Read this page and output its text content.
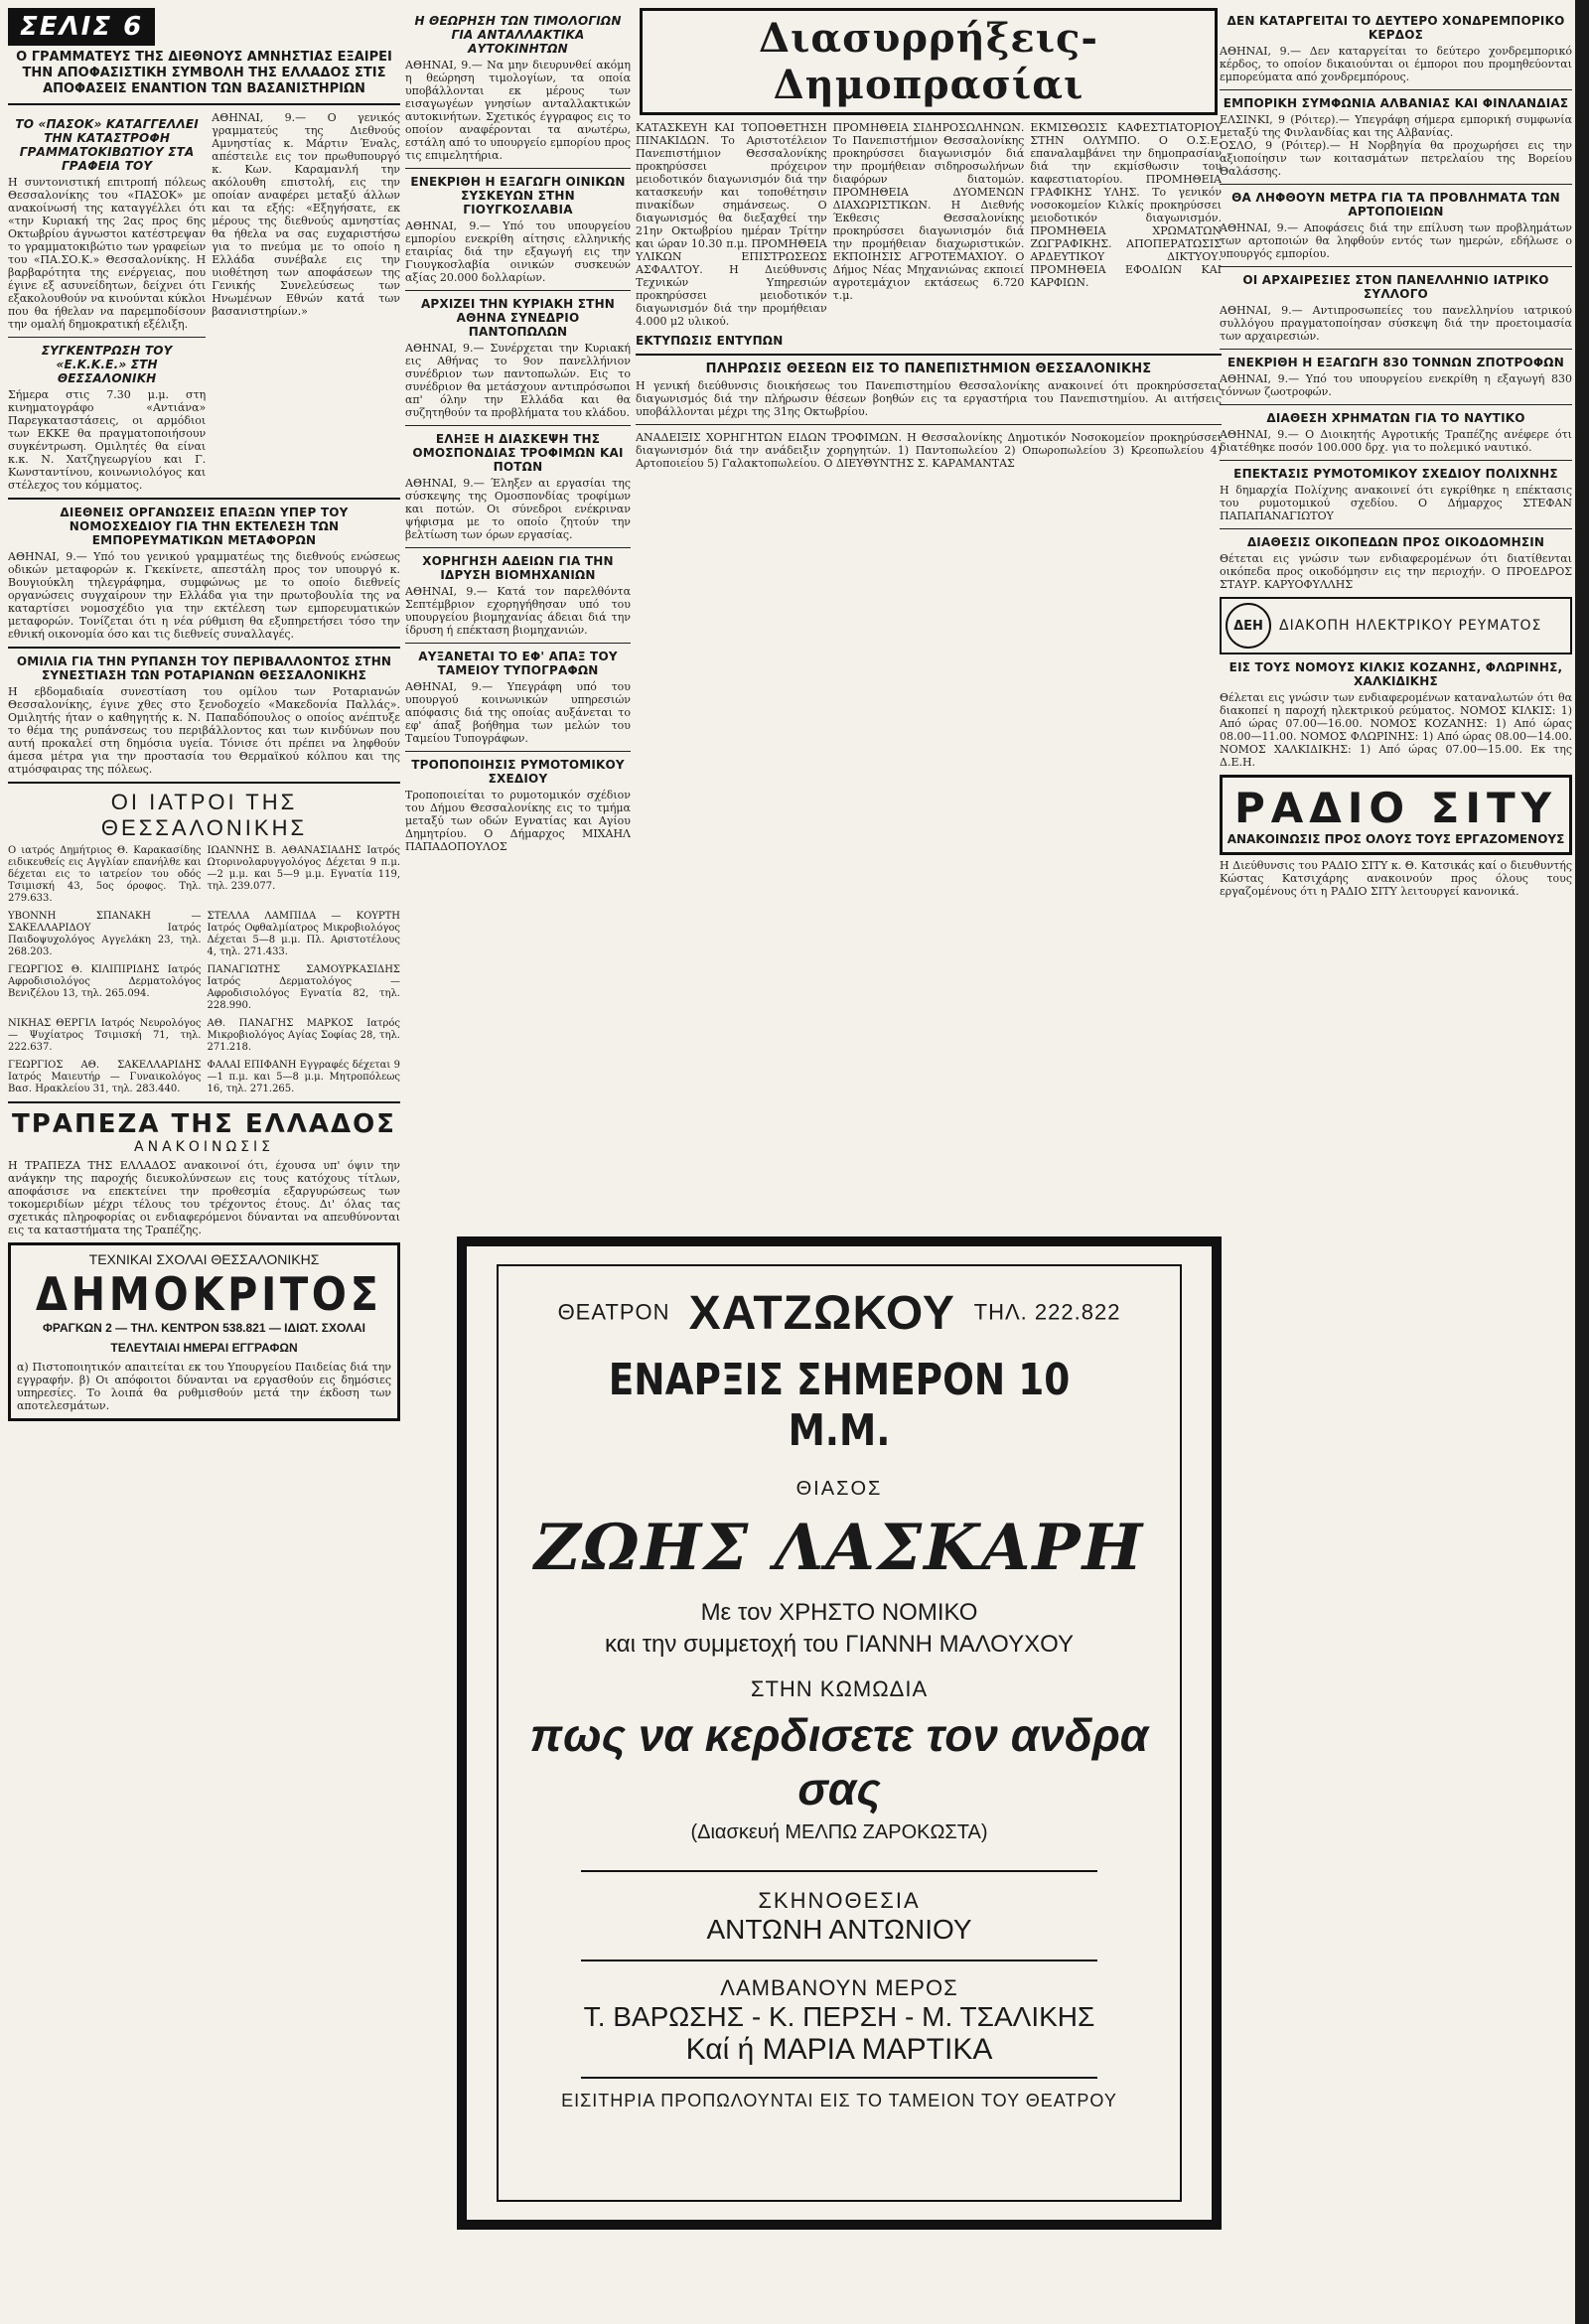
ΣΕΛΙΣ 6
Ο ΓΡΑΜΜΑΤΕΥΣ ΤΗΣ ΔΙΕΘΝΟΥΣ ΑΜΝΗΣΤΙΑΣ ΕΞΑΙΡΕΙ ΤΗΝ ΑΠΟΦΑΣΙΣΤΙΚΗ ΣΥΜΒΟΛΗ ΤΗΣ ΕΛΛΑΔΟΣ ΣΤΙΣ ΑΠΟΦΑΣΕΙΣ ΕΝΑΝΤΙΟΝ ΤΩΝ ΒΑΣΑΝΙΣΤΗΡΙΩΝ
ΤΟ «ΠΑΣΟΚ» ΚΑΤΑΓΓΕΛΛΕΙ ΤΗΝ ΚΑΤΑΣΤΡΟΦΗ ΓΡΑΜΜΑΤΟΚΙΒΩΤΙΟΥ ΣΤΑ ΓΡΑΦΕΙΑ ΤΟΥ
Η συντονιστική επιτροπή πόλεως Θεσσαλονίκης του «ΠΑΣΟΚ» με ανακοίνωσή της καταγγέλλει ότι «την Κυριακή της 2ας προς 6ης Οκτωβρίου άγνωστοι κατέστρεψαν το γραμματοκιβώτιο των γραφείων του «ΠΑ.ΣΟ.Κ.» Θεσσαλονίκης. Η βαρβαρότητα της ενέργειας, που έγινε εξ ασυνείδητων, δείχνει ότι εξακολουθούν να κινούνται κύκλοι που θα ήθελαν να παρεμποδίσουν την ομαλή δημοκρατική εξέλιξη.
ΣΥΓΚΕΝΤΡΩΣΗ ΤΟΥ «Ε.Κ.Κ.Ε.» ΣΤΗ ΘΕΣΣΑΛΟΝΙΚΗ
Σήμερα στις 7.30 μ.μ. στη κινηματογράφο «Αντιάνα» Παρεγκαταστάσεις, οι αρμόδιοι των ΕΚΚΕ θα πραγματοποιήσουν συγκέντρωση. Ομιλητές θα είναι κ.κ. Ν. Χατζηγεωργίου και Γ. Κωνσταντίνου, κοινωνιολόγος και στέλεχος του κόμματος.
ΑΘΗΝΑΙ, 9.— Ο γενικός γραμματεύς της Διεθνούς Αμνηστίας κ. Μάρτιν Έναλς, απέστειλε εις τον πρωθυπουργό κ. Κων. Καραμανλή την ακόλουθη επιστολή, εις την οποίαν αναφέρει μεταξύ άλλων και τα εξής: «Εξηγήσατε, εκ μέρους της διεθνούς αμνηστίας θα ήθελα να σας ευχαριστήσω για το πνεύμα με το οποίο η Ελλάδα συνέβαλε εις την υιοθέτηση των αποφάσεων της Γενικής Συνελεύσεως των Ηνωμένων Εθνών κατά των βασανιστηρίων.»
ΔΙΕΘΝΕΙΣ ΟΡΓΑΝΩΣΕΙΣ ΕΠΑΞΩΝ ΥΠΕΡ ΤΟΥ ΝΟΜΟΣΧΕΔΙΟΥ ΓΙΑ ΤΗΝ ΕΚΤΕΛΕΣΗ ΤΩΝ ΕΜΠΟΡΕΥΜΑΤΙΚΩΝ ΜΕΤΑΦΟΡΩΝ
ΑΘΗΝΑΙ, 9.— Υπό του γενικού γραμματέως της διεθνούς ενώσεως οδικών μεταφορών κ. Γκεκίνετε, απεστάλη προς τον υπουργό κ. Βουγιούκλη τηλεγράφημα, συμφώνως με το οποίο διεθνείς οργανώσεις συγχαίρουν την Ελλάδα για την πρωτοβουλία της να καταρτίσει νομοσχέδιο για την εκτέλεση των εμπορευματικών μεταφορών. Τονίζεται ότι η νέα ρύθμιση θα εξυπηρετήσει τόσο την εθνική οικονομία όσο και τις διεθνείς συναλλαγές.
ΟΜΙΛΙΑ ΓΙΑ ΤΗΝ ΡΥΠΑΝΣΗ ΤΟΥ ΠΕΡΙΒΑΛΛΟΝΤΟΣ ΣΤΗΝ ΣΥΝΕΣΤΙΑΣΗ ΤΩΝ ΡΟΤΑΡΙΑΝΩΝ ΘΕΣΣΑΛΟΝΙΚΗΣ
Η εβδομαδιαία συνεστίαση του ομίλου των Ροταριανών Θεσσαλονίκης, έγινε χθες στο ξενοδοχείο «Μακεδονία Παλλάς». Ομιλητής ήταν ο καθηγητής κ. Ν. Παπαδόπουλος ο οποίος ανέπτυξε το θέμα της ρυπάνσεως του περιβάλλοντος και των κινδύνων που αυτή προκαλεί στη δημόσια υγεία. Τόνισε ότι πρέπει να ληφθούν άμεσα μέτρα για την προστασία του Θερμαϊκού κόλπου και της ατμόσφαιρας της πόλεως.
ΟΙ ΙΑΤΡΟΙ ΤΗΣ ΘΕΣΣΑΛΟΝΙΚΗΣ
Ο ιατρός Δημήτριος Θ. Καρακασίδης ειδικευθείς εις Αγγλίαν επανήλθε και δέχεται εις το ιατρείον του οδός Τσιμισκή 43, 5ος όροφος. Τηλ. 279.633.
ΙΩΑΝΝΗΣ Β. ΑΘΑΝΑΣΙΑΔΗΣ Ιατρός Ωτορινολαρυγγολόγος Δέχεται 9 π.μ.—2 μ.μ. και 5—9 μ.μ. Εγνατία 119, τηλ. 239.077.
ΥΒΟΝΝΗ ΣΠΑΝΑΚΗ — ΣΑΚΕΛΛΑΡΙΔΟΥ Ιατρός Παιδοψυχολόγος Αγγελάκη 23, τηλ. 268.203.
ΣΤΕΛΛΑ ΛΑΜΠΙΔΑ — ΚΟΥΡΤΗ Ιατρός Οφθαλμίατρος Μικροβιολόγος Δέχεται 5—8 μ.μ. Πλ. Αριστοτέλους 4, τηλ. 271.433.
ΓΕΩΡΓΙΟΣ Θ. ΚΙΛΙΠΙΡΙΔΗΣ Ιατρός Αφροδισιολόγος Δερματολόγος Βενιζέλου 13, τηλ. 265.094.
ΠΑΝΑΓΙΩΤΗΣ ΣΑΜΟΥΡΚΑΣΙΔΗΣ Ιατρός Δερματολόγος — Αφροδισιολόγος Εγνατία 82, τηλ. 228.990.
ΝΙΚΗΑΣ ΘΕΡΓΙΛ Ιατρός Νευρολόγος — Ψυχίατρος Τσιμισκή 71, τηλ. 222.637.
ΑΘ. ΠΑΝΑΓΗΣ ΜΑΡΚΟΣ Ιατρός Μικροβιολόγος Αγίας Σοφίας 28, τηλ. 271.218.
ΓΕΩΡΓΙΟΣ ΑΘ. ΣΑΚΕΛΛΑΡΙΔΗΣ Ιατρός Μαιευτήρ — Γυναικολόγος Βασ. Ηρακλείου 31, τηλ. 283.440.
ΦΑΛΑΙ ΕΠΙΦΑΝΗ Εγγραφές δέχεται 9—1 π.μ. και 5—8 μ.μ. Μητροπόλεως 16, τηλ. 271.265.
ΤΡΑΠΕΖΑ ΤΗΣ ΕΛΛΑΔΟΣ
ΑΝΑΚΟΙΝΩΣΙΣ
Η ΤΡΑΠΕΖΑ ΤΗΣ ΕΛΛΑΔΟΣ ανακοινοί ότι, έχουσα υπ' όψιν την ανάγκην της παροχής διευκολύνσεων εις τους κατόχους τίτλων, αποφάσισε να επεκτείνει την προθεσμία εξαργυρώσεως των τοκομεριδίων μέχρι τέλους του τρέχοντος έτους. Δι' όλας τας σχετικάς πληροφορίας οι ενδιαφερόμενοι δύνανται να απευθύνονται εις τα καταστήματα της Τραπέζης.
ΤΕΧΝΙΚΑΙ ΣΧΟΛΑΙ ΘΕΣΣΑΛΟΝΙΚΗΣ
ΔΗΜΟΚΡΙΤΟΣ
ΦΡΑΓΚΩΝ 2 — ΤΗΛ. ΚΕΝΤΡΟΝ 538.821 — ΙΔΙΩΤ. ΣΧΟΛΑΙ
ΤΕΛΕΥΤΑΙΑΙ ΗΜΕΡΑΙ ΕΓΓΡΑΦΩΝ
α) Πιστοποιητικόν απαιτείται εκ του Υπουργείου Παιδείας διά την εγγραφήν. β) Οι απόφοιτοι δύνανται να εργασθούν εις δημόσιες υπηρεσίες. Το λοιπά θα ρυθμισθούν μετά την έκδοση των αποτελεσμάτων.
Η ΘΕΩΡΗΣΗ ΤΩΝ ΤΙΜΟΛΟΓΙΩΝ ΓΙΑ ΑΝΤΑΛΛΑΚΤΙΚΑ ΑΥΤΟΚΙΝΗΤΩΝ
ΑΘΗΝΑΙ, 9.— Να μην διευρυνθεί ακόμη η θεώρηση τιμολογίων, τα οποία υποβάλλονται εκ μέρους των εισαγωγέων γνησίων ανταλλακτικών αυτοκινήτων. Σχετικός έγγραφος εις το οποίον αναφέρονται τα ανωτέρω, εστάλη από το υπουργείο εμπορίου προς τις επιμελητήρια.
ΕΝΕΚΡΙΘΗ Η ΕΞΑΓΩΓΗ ΟΙΝΙΚΩΝ ΣΥΣΚΕΥΩΝ ΣΤΗΝ ΓΙΟΥΓΚΟΣΛΑΒΙΑ
ΑΘΗΝΑΙ, 9.— Υπό του υπουργείου εμπορίου ενεκρίθη αίτησις ελληνικής εταιρίας διά την εξαγωγή εις την Γιουγκοσλαβία οινικών συσκευών αξίας 20.000 δολλαρίων.
ΑΡΧΙΖΕΙ ΤΗΝ ΚΥΡΙΑΚΗ ΣΤΗΝ ΑΘΗΝΑ ΣΥΝΕΔΡΙΟ ΠΑΝΤΟΠΩΛΩΝ
ΑΘΗΝΑΙ, 9.— Συνέρχεται την Κυριακή εις Αθήνας το 9ον πανελλήνιον συνέδριον των παντοπωλών. Εις το συνέδριον θα μετάσχουν αντιπρόσωποι απ' όλην την Ελλάδα και θα συζητηθούν τα προβλήματα του κλάδου.
ΕΛΗΞΕ Η ΔΙΑΣΚΕΨΗ ΤΗΣ ΟΜΟΣΠΟΝΔΙΑΣ ΤΡΟΦΙΜΩΝ ΚΑΙ ΠΟΤΩΝ
ΑΘΗΝΑΙ, 9.— Έληξεν αι εργασίαι της σύσκεψης της Ομοσπονδίας τροφίμων και ποτών. Οι σύνεδροι ενέκριναν ψήφισμα με το οποίο ζητούν την βελτίωση των όρων εργασίας.
ΧΟΡΗΓΗΣΗ ΑΔΕΙΩΝ ΓΙΑ ΤΗΝ ΙΔΡΥΣΗ ΒΙΟΜΗΧΑΝΙΩΝ
ΑΘΗΝΑΙ, 9.— Κατά τον παρελθόντα Σεπτέμβριον εχορηγήθησαν υπό του υπουργείου βιομηχανίας άδειαι διά την ίδρυση ή επέκταση βιομηχανιών.
ΑΥΞΑΝΕΤΑΙ ΤΟ ΕΦ' ΑΠΑΞ ΤΟΥ ΤΑΜΕΙΟΥ ΤΥΠΟΓΡΑΦΩΝ
ΑΘΗΝΑΙ, 9.— Υπεγράφη υπό του υπουργού κοινωνικών υπηρεσιών απόφασις διά της οποίας αυξάνεται το εφ' άπαξ βοήθημα των μελών του Ταμείου Τυπογράφων.
ΤΡΟΠΟΠΟΙΗΣΙΣ ΡΥΜΟΤΟΜΙΚΟΥ ΣΧΕΔΙΟΥ
Τροποποιείται το ρυμοτομικόν σχέδιον του Δήμου Θεσσαλονίκης εις το τμήμα μεταξύ των οδών Εγνατίας και Αγίου Δημητρίου. Ο Δήμαρχος ΜΙΧΑΗΛ ΠΑΠΑΔΟΠΟΥΛΟΣ
Διασυρρήξεις-Δημοπρασίαι
ΚΑΤΑΣΚΕΥΗ ΚΑΙ ΤΟΠΟΘΕΤΗΣΗ ΠΙΝΑΚΙΔΩΝ. Το Αριστοτέλειον Πανεπιστήμιον Θεσσαλονίκης προκηρύσσει πρόχειρον μειοδοτικόν διαγωνισμόν διά την κατασκευήν και τοποθέτησιν πινακίδων σημάνσεως. Ο διαγωνισμός θα διεξαχθεί την 21ην Οκτωβρίου ημέραν Τρίτην και ώραν 10.30 π.μ. ΠΡΟΜΗΘΕΙΑ ΥΛΙΚΩΝ ΕΠΙΣΤΡΩΣΕΩΣ ΑΣΦΑΛΤΟΥ. Η Διεύθυνσις Τεχνικών Υπηρεσιών προκηρύσσει μειοδοτικόν διαγωνισμόν διά την προμήθειαν 4.000 μ2 υλικού.
ΠΡΟΜΗΘΕΙΑ ΣΙΔΗΡΟΣΩΛΗΝΩΝ. Το Πανεπιστήμιον Θεσσαλονίκης προκηρύσσει διαγωνισμόν διά την προμήθειαν σιδηροσωλήνων διαφόρων διατομών. ΠΡΟΜΗΘΕΙΑ ΔΥΟΜΕΝΩΝ ΔΙΑΧΩΡΙΣΤΙΚΩΝ. Η Διεθνής Έκθεσις Θεσσαλονίκης προκηρύσσει διαγωνισμόν διά την προμήθειαν διαχωριστικών. ΕΚΠΟΙΗΣΙΣ ΑΓΡΟΤΕΜΑΧΙΟΥ. Ο Δήμος Νέας Μηχανιώνας εκποιεί αγροτεμάχιον εκτάσεως 6.720 τ.μ.
ΕΚΜΙΣΘΩΣΙΣ ΚΑΦΕΣΤΙΑΤΟΡΙΟΥ ΣΤΗΝ ΟΛΥΜΠΟ. Ο Ο.Σ.Ε. επαναλαμβάνει την δημοπρασίαν διά την εκμίσθωσιν του καφεστιατορίου. ΠΡΟΜΗΘΕΙΑ ΓΡΑΦΙΚΗΣ ΥΛΗΣ. Το γενικόν νοσοκομείον Κιλκίς προκηρύσσει μειοδοτικόν διαγωνισμόν. ΠΡΟΜΗΘΕΙΑ ΧΡΩΜΑΤΩΝ ΖΩΓΡΑΦΙΚΗΣ. ΑΠΟΠΕΡΑΤΩΣΙΣ ΑΡΔΕΥΤΙΚΟΥ ΔΙΚΤΥΟΥ. ΠΡΟΜΗΘΕΙΑ ΕΦΟΔΙΩΝ ΚΑΙ ΚΑΡΦΙΩΝ.
ΕΚΤΥΠΩΣΙΣ ΕΝΤΥΠΩΝ
ΠΛΗΡΩΣΙΣ ΘΕΣΕΩΝ ΕΙΣ ΤΟ ΠΑΝΕΠΙΣΤΗΜΙΟΝ ΘΕΣΣΑΛΟΝΙΚΗΣ
Η γενική διεύθυνσις διοικήσεως του Πανεπιστημίου Θεσσαλονίκης ανακοινεί ότι προκηρύσσεται διαγωνισμός διά την πλήρωσιν θέσεων βοηθών εις τα εργαστήρια του Πανεπιστημίου. Αι αιτήσεις υποβάλλονται μέχρι της 31ης Οκτωβρίου.
ΑΝΑΔΕΙΞΙΣ ΧΟΡΗΓΗΤΩΝ ΕΙΔΩΝ ΤΡΟΦΙΜΩΝ. Η Θεσσαλονίκης Δημοτικόν Νοσοκομείον προκηρύσσει διαγωνισμόν διά την ανάδειξιν χορηγητών. 1) Παντοπωλείου 2) Οπωροπωλείου 3) Κρεοπωλείου 4) Αρτοποιείου 5) Γαλακτοπωλείου. Ο ΔΙΕΥΘΥΝΤΗΣ Σ. ΚΑΡΑΜΑΝΤΑΣ
ΔΕΝ ΚΑΤΑΡΓΕΙΤΑΙ ΤΟ ΔΕΥΤΕΡΟ ΧΟΝΔΡΕΜΠΟΡΙΚΟ ΚΕΡΔΟΣ
ΑΘΗΝΑΙ, 9.— Δεν καταργείται το δεύτερο χονδρεμπορικό κέρδος, το οποίον δικαιούνται οι έμποροι που προμηθεύονται εμπορεύματα από χονδρεμπόρους.
ΕΜΠΟΡΙΚΗ ΣΥΜΦΩΝΙΑ ΑΛΒΑΝΙΑΣ ΚΑΙ ΦΙΝΛΑΝΔΙΑΣ
ΕΛΣΙΝΚΙ, 9 (Ρόιτερ).— Υπεγράφη σήμερα εμπορική συμφωνία μεταξύ της Φινλανδίας και της Αλβανίας.
ΟΣΛΟ, 9 (Ρόιτερ).— Η Νορβηγία θα προχωρήσει εις την αξιοποίησιν των κοιτασμάτων πετρελαίου της Βορείου Θαλάσσης.
ΘΑ ΛΗΦΘΟΥΝ ΜΕΤΡΑ ΓΙΑ ΤΑ ΠΡΟΒΛΗΜΑΤΑ ΤΩΝ ΑΡΤΟΠΟΙΕΙΩΝ
ΑΘΗΝΑΙ, 9.— Αποφάσεις διά την επίλυση των προβλημάτων των αρτοποιών θα ληφθούν εντός των ημερών, εδήλωσε ο υπουργός εμπορίου.
ΟΙ ΑΡΧΑΙΡΕΣΙΕΣ ΣΤΟΝ ΠΑΝΕΛΛΗΝΙΟ ΙΑΤΡΙΚΟ ΣΥΛΛΟΓΟ
ΑΘΗΝΑΙ, 9.— Αντιπροσωπείες του πανελληνίου ιατρικού συλλόγου πραγματοποίησαν σύσκεψη διά την προετοιμασία των αρχαιρεσιών.
ΕΝΕΚΡΙΘΗ Η ΕΞΑΓΩΓΗ 830 ΤΟΝΝΩΝ ΖΠΟΤΡΟΦΩΝ
ΑΘΗΝΑΙ, 9.— Υπό του υπουργείου ενεκρίθη η εξαγωγή 830 τόννων ζωοτροφών.
ΔΙΑΘΕΣΗ ΧΡΗΜΑΤΩΝ ΓΙΑ ΤΟ ΝΑΥΤΙΚΟ
ΑΘΗΝΑΙ, 9.— Ο Διοικητής Αγροτικής Τραπέζης ανέφερε ότι διατέθηκε ποσόν 100.000 δρχ. για το πολεμικό ναυτικό.
ΕΠΕΚΤΑΣΙΣ ΡΥΜΟΤΟΜΙΚΟΥ ΣΧΕΔΙΟΥ ΠΟΛΙΧΝΗΣ
Η δημαρχία Πολίχνης ανακοινεί ότι εγκρίθηκε η επέκτασις του ρυμοτομικού σχεδίου. Ο Δήμαρχος ΣΤΕΦΑΝ ΠΑΠΑΠΑΝΑΓΙΩΤΟΥ
ΔΙΑΘΕΣΙΣ ΟΙΚΟΠΕΔΩΝ ΠΡΟΣ ΟΙΚΟΔΟΜΗΣΙΝ
Θέτεται εις γνώσιν των ενδιαφερομένων ότι διατίθενται οικόπεδα προς οικοδόμησιν εις την περιοχήν. Ο ΠΡΟΕΔΡΟΣ ΣΤΑΥΡ. ΚΑΡΥΟΦΥΛΛΗΣ
ΔΕΗ	ΔΙΑΚΟΠΗ ΗΛΕΚΤΡΙΚΟΥ ΡΕΥΜΑΤΟΣ
ΕΙΣ ΤΟΥΣ ΝΟΜΟΥΣ ΚΙΛΚΙΣ ΚΟΖΑΝΗΣ, ΦΛΩΡΙΝΗΣ, ΧΑΛΚΙΔΙΚΗΣ
Θέλεται εις γνώσιν των ενδιαφερομένων καταναλωτών ότι θα διακοπεί η παροχή ηλεκτρικού ρεύματος. ΝΟΜΟΣ ΚΙΛΚΙΣ: 1) Από ώρας 07.00—16.00. ΝΟΜΟΣ ΚΟΖΑΝΗΣ: 1) Από ώρας 08.00—11.00. ΝΟΜΟΣ ΦΛΩΡΙΝΗΣ: 1) Από ώρας 08.00—14.00. ΝΟΜΟΣ ΧΑΛΚΙΔΙΚΗΣ: 1) Από ώρας 07.00—15.00. Εκ της Δ.Ε.Η.
ΡΑΔΙΟ ΣΙΤΥ
ΑΝΑΚΟΙΝΩΣΙΣ ΠΡΟΣ ΟΛΟΥΣ ΤΟΥΣ ΕΡΓΑΖΟΜΕΝΟΥΣ
Η Διεύθυνσις του ΡΑΔΙΟ ΣΙΤΥ κ. Θ. Κατσικάς καί ο διευθυντής Κώστας Κατσιχάρης ανακοινούν προς όλους τους εργαζομένους ότι η ΡΑΔΙΟ ΣΙΤΥ λειτουργεί κανονικά.
ΘΕΑΤΡΟΝ ΧΑΤΖΩΚΟΥ ΤΗΛ. 222.822
ΕΝΑΡΞΙΣ ΣΗΜΕΡΟΝ 10 Μ.Μ.
ΘΙΑΣΟΣ
ΖΩΗΣ ΛΑΣΚΑΡΗ
Με τον ΧΡΗΣΤΟ ΝΟΜΙΚΟ
και την συμμετοχή του ΓΙΑΝΝΗ ΜΑΛΟΥΧΟΥ
ΣΤΗΝ ΚΩΜΩΔΙΑ
πως να κερδισετε τον ανδρα σας
(Διασκευή ΜΕΛΠΩ ΖΑΡΟΚΩΣΤΑ)
ΣΚΗΝΟΘΕΣΙΑ
ΑΝΤΩΝΗ ΑΝΤΩΝΙΟΥ
ΛΑΜΒΑΝΟΥΝ ΜΕΡΟΣ
Τ. ΒΑΡΩΣΗΣ - Κ. ΠΕΡΣΗ - Μ. ΤΣΑΛΙΚΗΣ
Καί ή ΜΑΡΙΑ ΜΑΡΤΙΚΑ
ΕΙΣΙΤΗΡΙΑ ΠΡΟΠΩΛΟΥΝΤΑΙ ΕΙΣ ΤΟ ΤΑΜΕΙΟΝ ΤΟΥ ΘΕΑΤΡΟΥ
